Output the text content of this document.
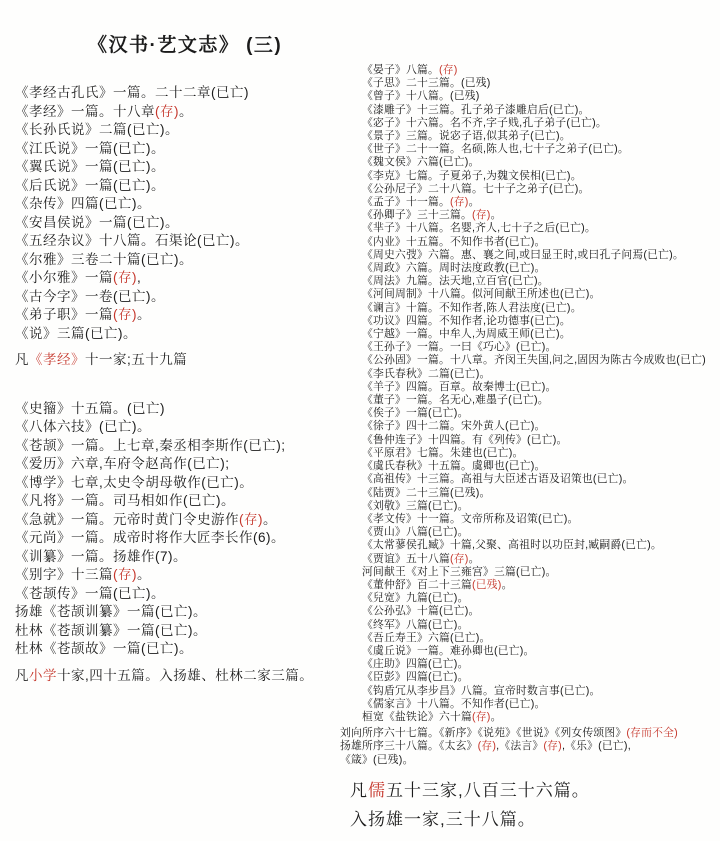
《汉书·艺文志》 (三)
《孝经古孔氏》一篇。二十二章(已亡)
《孝经》一篇。十八章(存)。
《长孙氏说》二篇(已亡)。
《江氏说》一篇(已亡)。
《翼氏说》一篇(已亡)。
《后氏说》一篇(已亡)。
《杂传》四篇(已亡)。
《安昌侯说》一篇(已亡)。
《五经杂议》十八篇。石渠论(已亡)。
《尔雅》三卷二十篇(已亡)。
《小尔雅》一篇(存),
《古今字》一卷(已亡)。
《弟子职》一篇(存)。
《说》三篇(已亡)。
凡《孝经》十一家;五十九篇
《史籀》十五篇。(已亡)
《八体六技》(已亡)。
《苍颉》一篇。上七章,秦丞相李斯作(已亡);
《爱历》六章,车府令赵高作(已亡);
《博学》七章,太史令胡母敬作(已亡)。
《凡将》一篇。司马相如作(已亡)。
《急就》一篇。元帝时黄门令史游作(存)。
《元尚》一篇。成帝时将作大匠李长作(6)。
《训纂》一篇。扬雄作(7)。
《别字》十三篇(存)。
《苍颉传》一篇(已亡)。
扬雄《苍颉训纂》一篇(已亡)。
杜林《苍颉训纂》一篇(已亡)。
杜林《苍颉故》一篇(已亡)。
凡小学十家,四十五篇。入扬雄、杜林二家三篇。
《晏子》八篇。(存)
《子思》二十三篇。(已残)
《曾子》十八篇。(已残)
《漆雕子》十三篇。孔子弟子漆雕启后(已亡)。
《宓子》十六篇。名不齐,字子贱,孔子弟子(已亡)。
《景子》三篇。说宓子语,似其弟子(已亡)。
《世子》二十一篇。名硕,陈人也,七十子之弟子(已亡)。
《魏文侯》六篇(已亡)。
《李克》七篇。子夏弟子,为魏文侯相(已亡)。
《公孙尼子》二十八篇。七十子之弟子(已亡)。
《孟子》十一篇。(存)。
《孙卿子》三十三篇。(存)。
《芈子》十八篇。名婴,齐人,七十子之后(已亡)。
《内业》十五篇。不知作书者(已亡)。
《周史六弢》六篇。惠、襄之间,或曰显王时,或曰孔子问焉(已亡)。
《周政》六篇。周时法度政教(已亡)。
《周法》九篇。法天地,立百官(已亡)。
《河间周制》十八篇。似河间献王所述也(已亡)。
《谰言》十篇。不知作者,陈人君法度(已亡)。
《功议》四篇。不知作者,论功德事(已亡)。
《宁越》一篇。中牟人,为周威王师(已亡)。
《王孙子》一篇。一曰《巧心》(已亡)。
《公孙固》一篇。十八章。齐闵王失国,问之,固因为陈古今成败也(已亡)
《李氏春秋》二篇(已亡)。
《羊子》四篇。百章。故秦博士(已亡)。
《董子》一篇。名无心,难墨子(已亡)。
《俟子》一篇(已亡)。
《徐子》四十二篇。宋外黄人(已亡)。
《鲁仲连子》十四篇。有《列传》(已亡)。
《平原君》七篇。朱建也(已亡)。
《虞氏春秋》十五篇。虞卿也(已亡)。
《高祖传》十三篇。高祖与大臣述古语及诏策也(已亡)。
《陆贾》二十三篇(已残)。
《刘敬》三篇(已亡)。
《孝文传》十一篇。文帝所称及诏策(已亡)。
《贾山》八篇(已亡)。
《太常蓼侯孔臧》十篇,父聚、高祖时以功臣封,臧嗣爵(已亡)。
《贾谊》五十八篇(存)。
河间献王《对上下三雍宫》三篇(已亡)。
《董仲舒》百二十三篇(已残)。
《兒宽》九篇(已亡)。
《公孙弘》十篇(已亡)。
《终军》八篇(已亡)。
《吾丘寿王》六篇(已亡)。
《虞丘说》一篇。难孙卿也(已亡)。
《庄助》四篇(已亡)。
《臣彭》四篇(已亡)。
《钩盾冗从李步昌》八篇。宣帝时数言事(已亡)。
《儒家言》十八篇。不知作者(已亡)。
桓宽《盐铁论》六十篇(存)。
刘向所序六十七篇。《新序》《说苑》《世说》《列女传颂图》(存而不全)
扬雄所序三十八篇。《太玄》(存),《法言》(存),《乐》(已亡),
《箴》(已残)。
凡儒五十三家,八百三十六篇。
入扬雄一家,三十八篇。
